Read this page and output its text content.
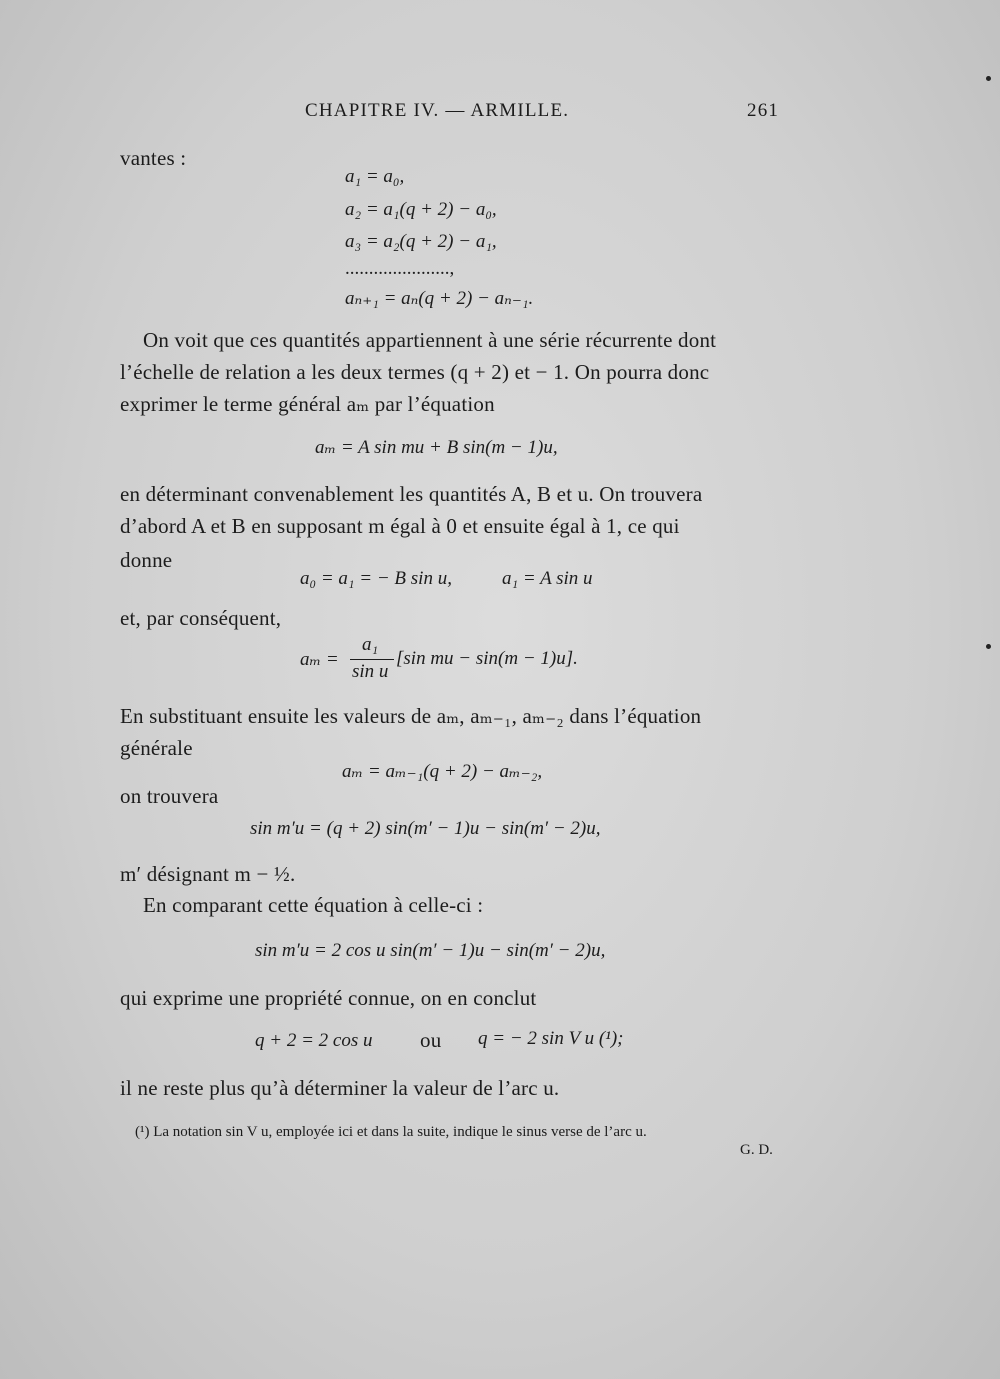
CHAPITRE IV. — ARMILLE.	261
vantes :
a₁ = a₀,
a₂ = a₁(q + 2) − a₀,
a₃ = a₂(q + 2) − a₁,
......................,
aₙ₊₁ = aₙ(q + 2) − aₙ₋₁.
On voit que ces quantités appartiennent à une série récurrente dont
l’échelle de relation a les deux termes (q + 2) et − 1. On pourra donc
exprimer le terme général aₘ par l’équation
aₘ = A sin mu + B sin(m − 1)u,
en déterminant convenablement les quantités A, B et u. On trouvera
d’abord A et B en supposant m égal à 0 et ensuite égal à 1, ce qui
donne
a₀ = a₁ = − B sin u,	a₁ = A sin u
et, par conséquent,
aₘ =
a₁
sin u
[sin mu − sin(m − 1)u].
En substituant ensuite les valeurs de aₘ, aₘ₋₁, aₘ₋₂ dans l’équation
générale
aₘ = aₘ₋₁(q + 2) − aₘ₋₂,
on trouvera
sin m′u = (q + 2) sin(m′ − 1)u − sin(m′ − 2)u,
m′ désignant m − ½.
En comparant cette équation à celle-ci :
sin m′u = 2 cos u sin(m′ − 1)u − sin(m′ − 2)u,
qui exprime une propriété connue, on en conclut
q + 2 = 2 cos u ou q = − 2 sin V u (¹);
il ne reste plus qu’à déterminer la valeur de l’arc u.
(¹) La notation sin V u, employée ici et dans la suite, indique le sinus verse de l’arc u.
G. D.
